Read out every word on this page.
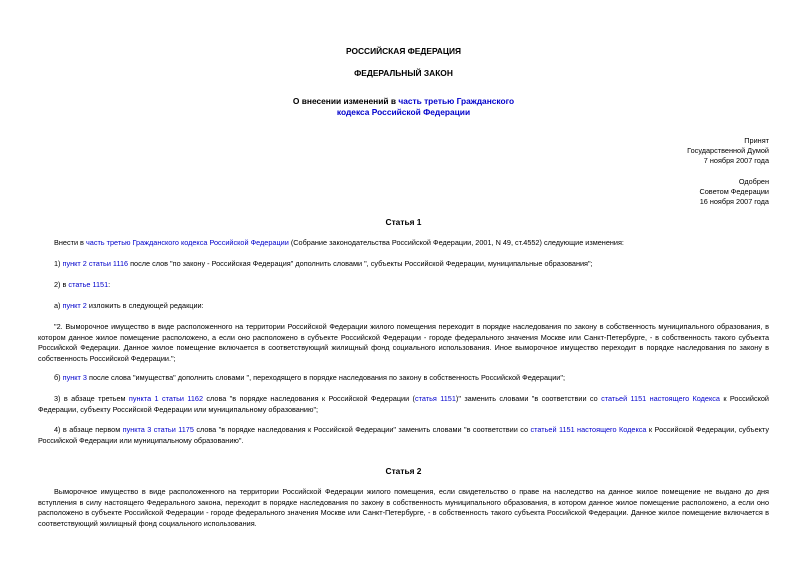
РОССИЙСКАЯ ФЕДЕРАЦИЯ
ФЕДЕРАЛЬНЫЙ ЗАКОН
О внесении изменений в часть третью Гражданского
кодекса Российской Федерации
Принят
Государственной Думой
7 ноября 2007 года
Одобрен
Советом Федерации
16 ноября 2007 года
Статья 1
Внести в часть третью Гражданского кодекса Российской Федерации (Собрание законодательства Российской Федерации, 2001, N 49, ст.4552) следующие изменения:
1) пункт 2 статьи 1116 после слов "по закону - Российская Федерация" дополнить словами ", субъекты Российской Федерации, муниципальные образования";
2) в статье 1151:
а) пункт 2 изложить в следующей редакции:
"2. Выморочное имущество в виде расположенного на территории Российской Федерации жилого помещения переходит в порядке наследования по закону в собственность муниципального образования, в котором данное жилое помещение расположено, а если оно расположено в субъекте Российской Федерации - городе федерального значения Москве или Санкт-Петербурге, - в собственность такого субъекта Российской Федерации. Данное жилое помещение включается в соответствующий жилищный фонд социального использования. Иное выморочное имущество переходит в порядке наследования по закону в собственность Российской Федерации.";
б) пункт 3 после слова "имущества" дополнить словами ", переходящего в порядке наследования по закону в собственность Российской Федерации";
3) в абзаце третьем пункта 1 статьи 1162 слова "в порядке наследования к Российской Федерации (статья 1151)" заменить словами "в соответствии со статьей 1151 настоящего Кодекса к Российской Федерации, субъекту Российской Федерации или муниципальному образованию";
4) в абзаце первом пункта 3 статьи 1175 слова "в порядке наследования к Российской Федерации" заменить словами "в соответствии со статьей 1151 настоящего Кодекса к Российской Федерации, субъекту Российской Федерации или муниципальному образованию".
Статья 2
Выморочное имущество в виде расположенного на территории Российской Федерации жилого помещения, если свидетельство о праве на наследство на данное жилое помещение не выдано до дня вступления в силу настоящего Федерального закона, переходит в порядке наследования по закону в собственность муниципального образования, в котором данное жилое помещение расположено, а если оно расположено в субъекте Российской Федерации - городе федерального значения Москве или Санкт-Петербурге, - в собственность такого субъекта Российской Федерации. Данное жилое помещение включается в соответствующий жилищный фонд социального использования.
